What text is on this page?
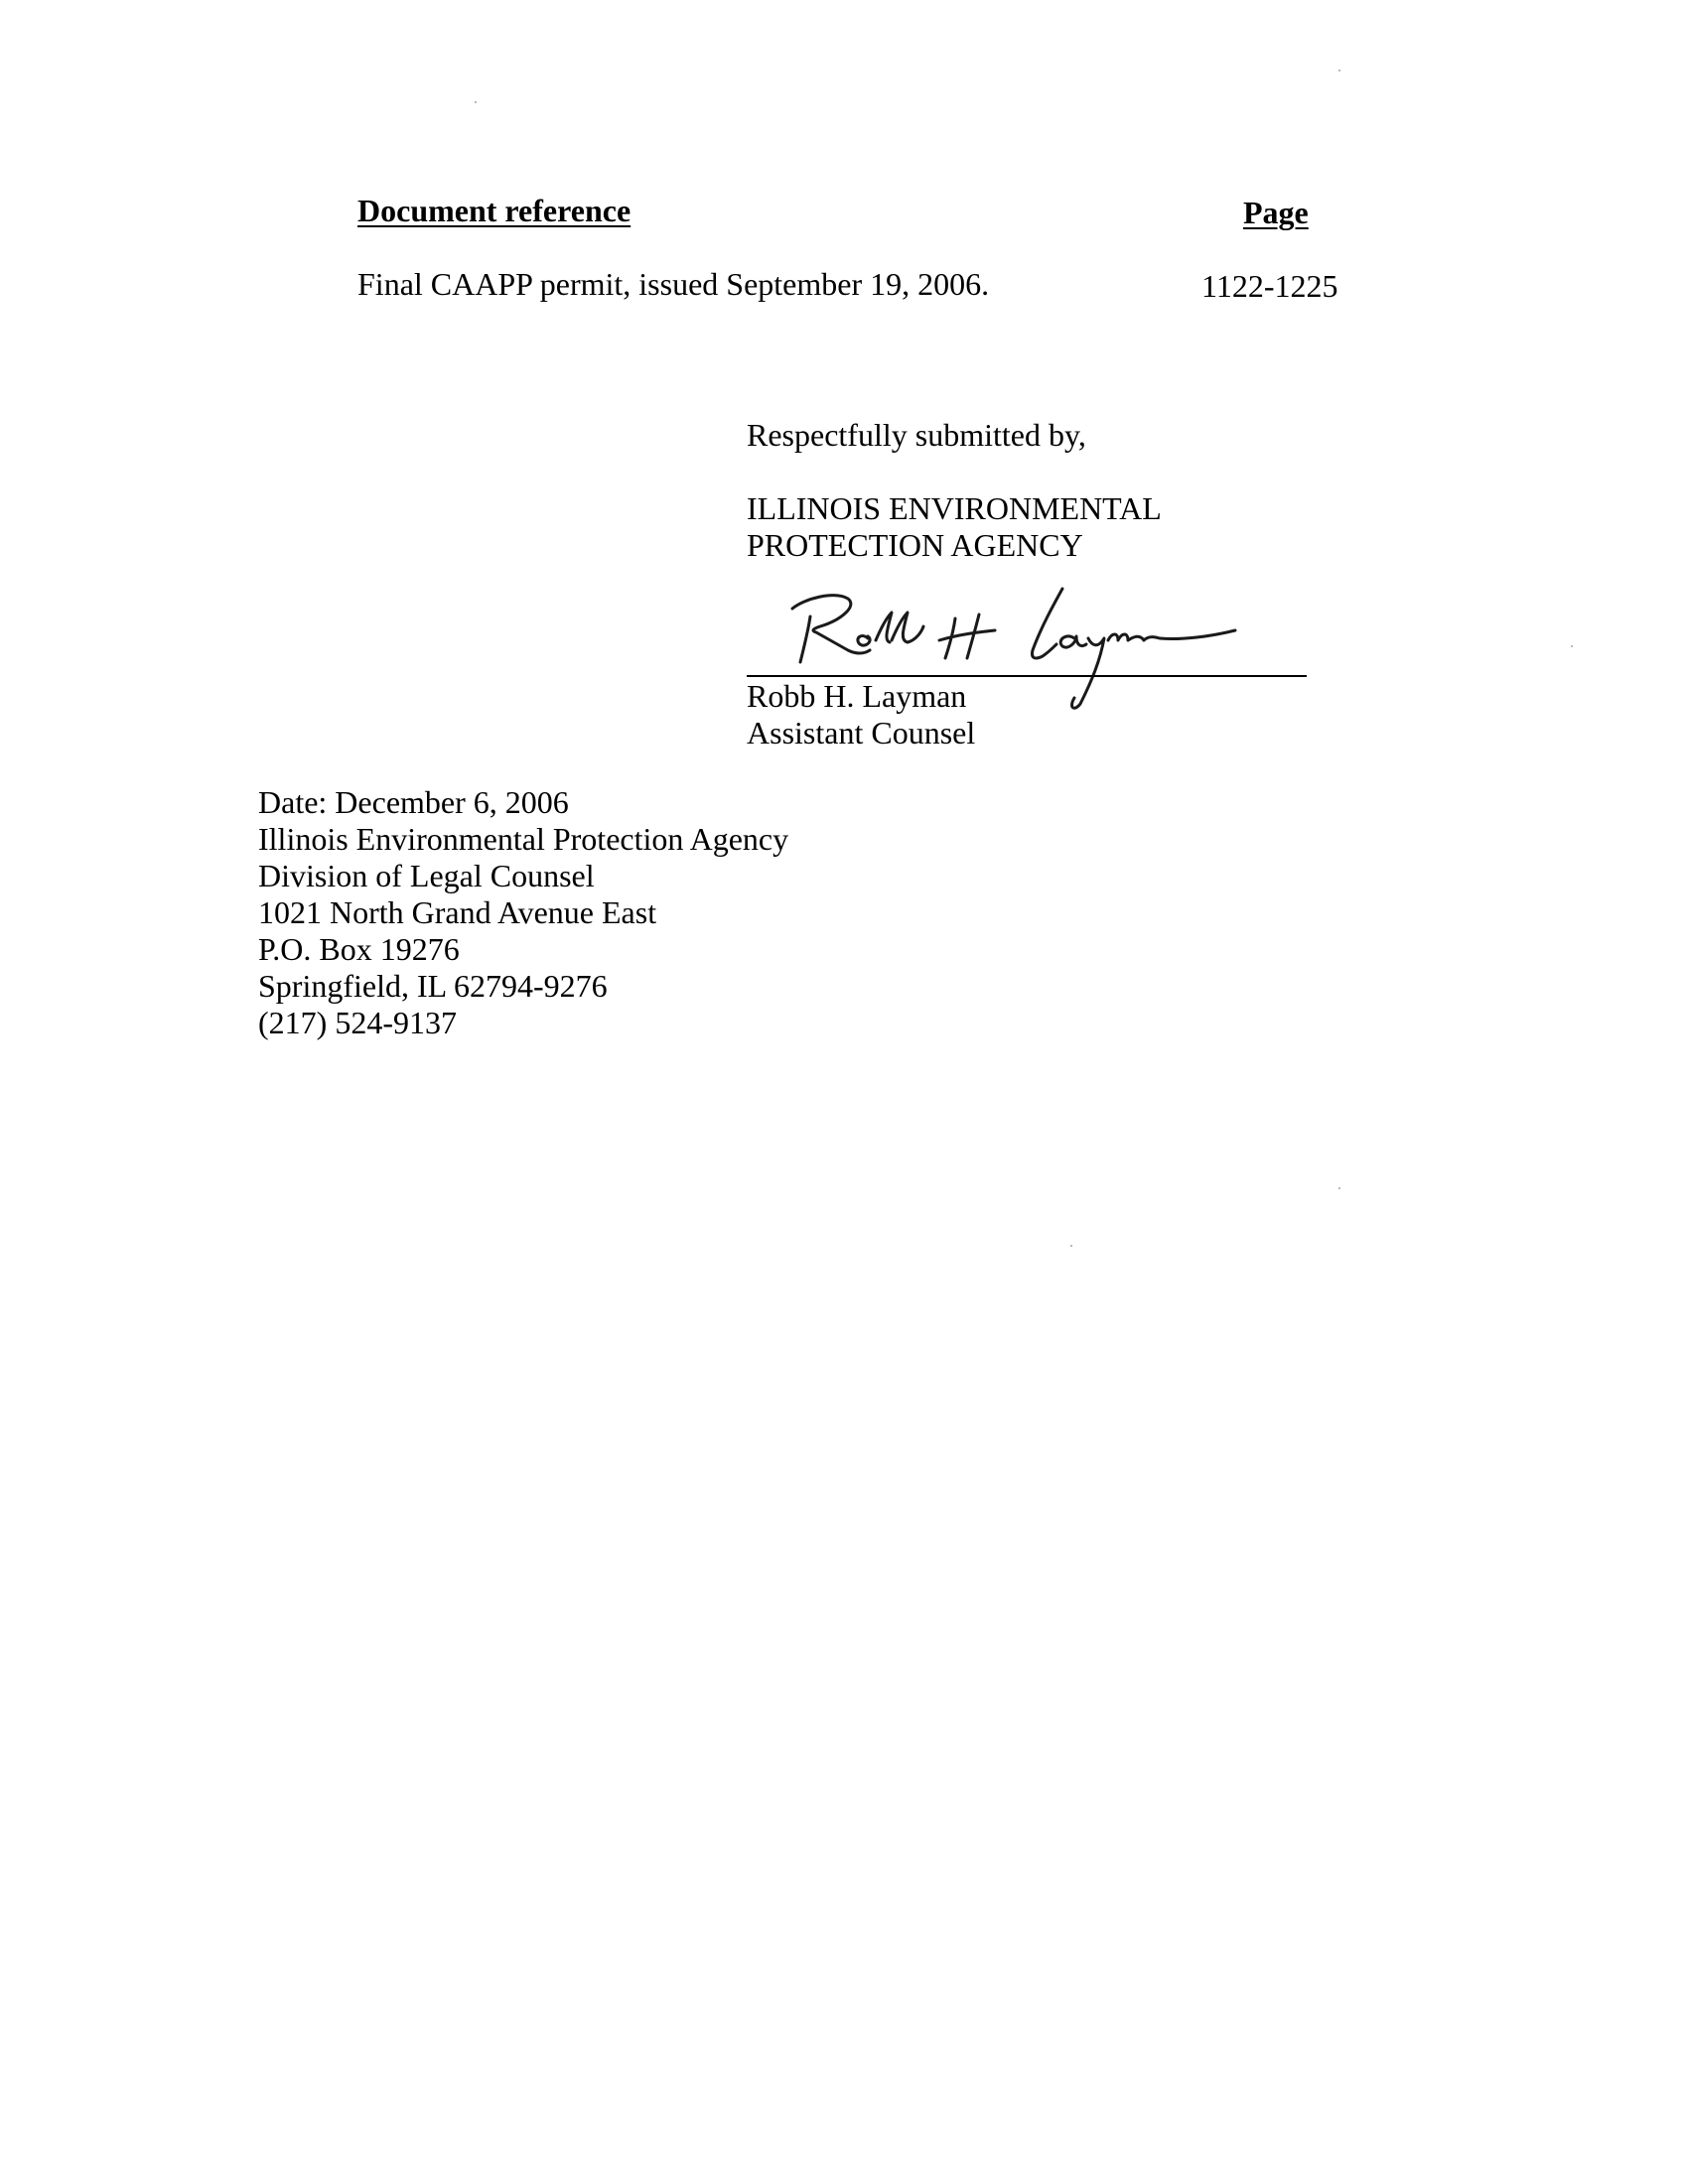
Document reference	Page
Final CAAPP permit, issued September 19, 2006.	1122-1225
Respectfully submitted by,
ILLINOIS ENVIRONMENTAL
PROTECTION AGENCY
Robb H. Layman
Assistant Counsel
Date: December 6, 2006
Illinois Environmental Protection Agency
Division of Legal Counsel
1021 North Grand Avenue East
P.O. Box 19276
Springfield, IL 62794-9276
(217) 524-9137
